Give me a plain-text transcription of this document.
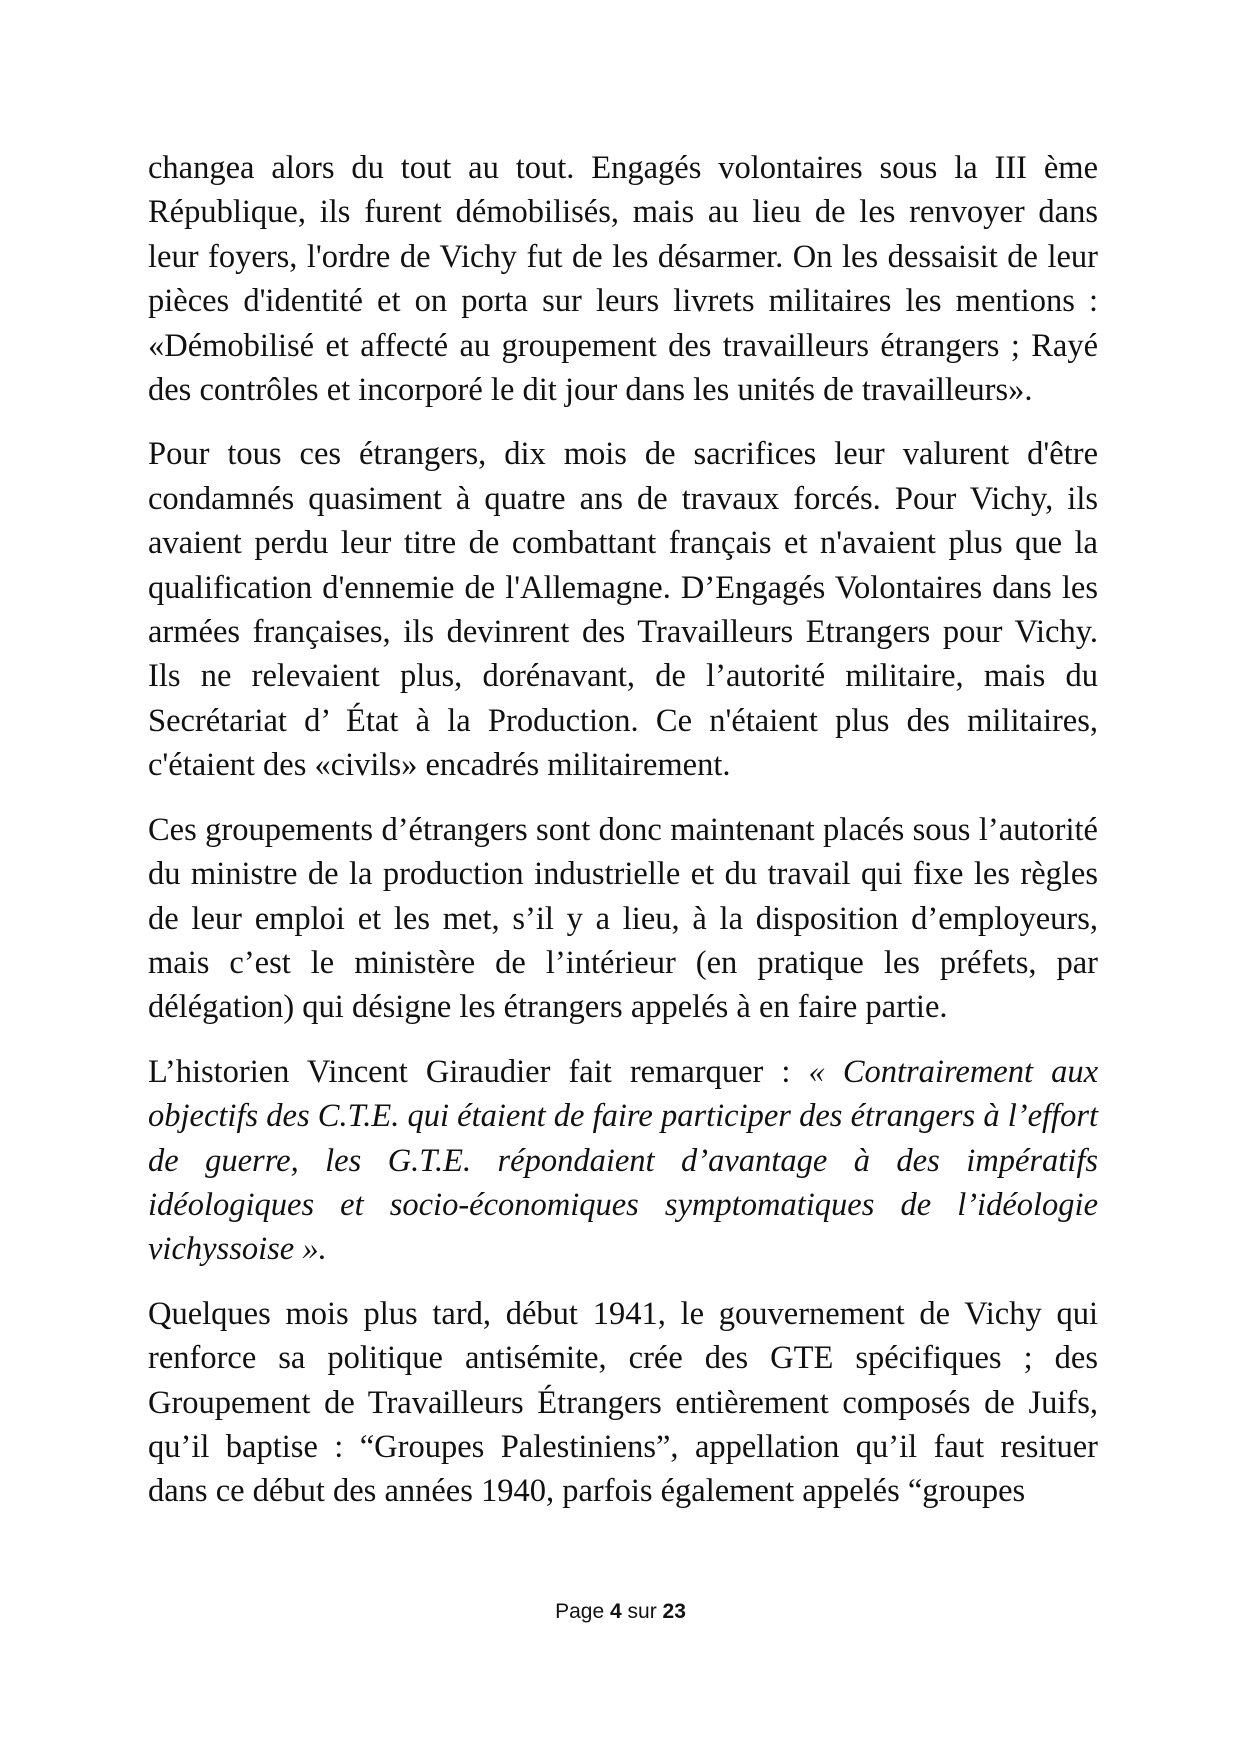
changea alors du tout au tout. Engagés volontaires sous la III ème République, ils furent démobilisés, mais au lieu de les renvoyer dans leur foyers, l'ordre de Vichy fut de les désarmer. On les dessaisit de leur pièces d'identité et on porta sur leurs livrets militaires les mentions : «Démobilisé et affecté au groupement des travailleurs étrangers ; Rayé des contrôles et incorporé le dit jour dans les unités de travailleurs».

Pour tous ces étrangers, dix mois de sacrifices leur valurent d'être condamnés quasiment à quatre ans de travaux forcés. Pour Vichy, ils avaient perdu leur titre de combattant français et n'avaient plus que la qualification d'ennemie de l'Allemagne. D’Engagés Volontaires dans les armées françaises, ils devinrent des Travailleurs Etrangers pour Vichy. Ils ne relevaient plus, dorénavant, de l’autorité militaire, mais du Secrétariat d’ État à la Production. Ce n'étaient plus des militaires, c'étaient des «civils» encadrés militairement.

Ces groupements d’étrangers sont donc maintenant placés sous l’autorité du ministre de la production industrielle et du travail qui fixe les règles de leur emploi et les met, s’il y a lieu, à la disposition d’employeurs, mais c’est le ministère de l’intérieur (en pratique les préfets, par délégation) qui désigne les étrangers appelés à en faire partie.

L’historien Vincent Giraudier fait remarquer : « Contrairement aux objectifs des C.T.E. qui étaient de faire participer des étrangers à l’effort de guerre, les G.T.E. répondaient d’avantage à des impératifs idéologiques et socio-économiques symptomatiques de l’idéologie vichyssoise ».

Quelques mois plus tard, début 1941, le gouvernement de Vichy qui renforce sa politique antisémite, crée des GTE spécifiques ; des Groupement de Travailleurs Étrangers entièrement composés de Juifs, qu’il baptise : “Groupes Palestiniens”, appellation qu’il faut resituer dans ce début des années 1940, parfois également appelés “groupes

Page 4 sur 23
